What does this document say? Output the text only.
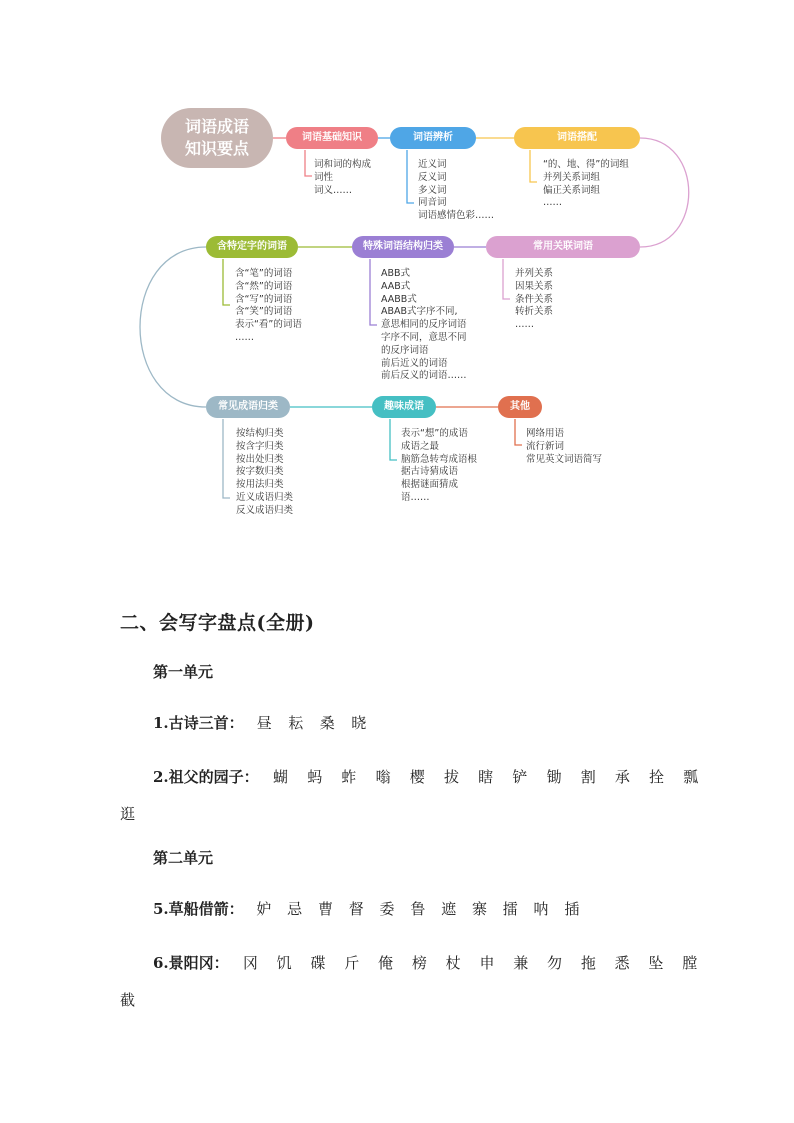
词语成语
知识要点
词语基础知识	词语辨析	词语搭配
常用关联词语
特殊词语结构归类
含特定字的词语
常见成语归类	趣味成语	其他
词和词的构成
词性
词义……
近义词
反义词
多义词
同音词
词语感情色彩……
“的、地、得”的词组
并列关系词组
偏正关系词组
……
并列关系
因果关系
条件关系
转折关系
……
ABB式
AAB式
AABB式
ABAB式字序不同,
意思相同的反序词语
字序不同，意思不同
的反序词语
前后近义的词语
前后反义的词语……
含“笔”的词语
含“然”的词语
含“写”的词语
含“笑”的词语
表示“看”的词语
……
按结构归类
按含字归类
按出处归类
按字数归类
按用法归类
近义成语归类
反义成语归类
表示“想”的成语
成语之最
脑筋急转弯成语根
据古诗猜成语
根据谜面猜成
语……
网络用语
流行新词
常见英文词语简写
二、会写字盘点(全册)
第一单元
1.古诗三首： 昼 耘 桑 晓
2.祖父的园子： 蝴 蚂 蚱 嗡 樱 拔 瞎 铲 锄 割 承 拴 瓢
逛
第二单元
5.草船借箭： 妒 忌 曹 督 委 鲁 遮 寨 擂 呐 插
6.景阳冈： 冈 饥 碟 斤 俺 榜 杖 申 兼 勿 拖 悉 坠 膛
截
